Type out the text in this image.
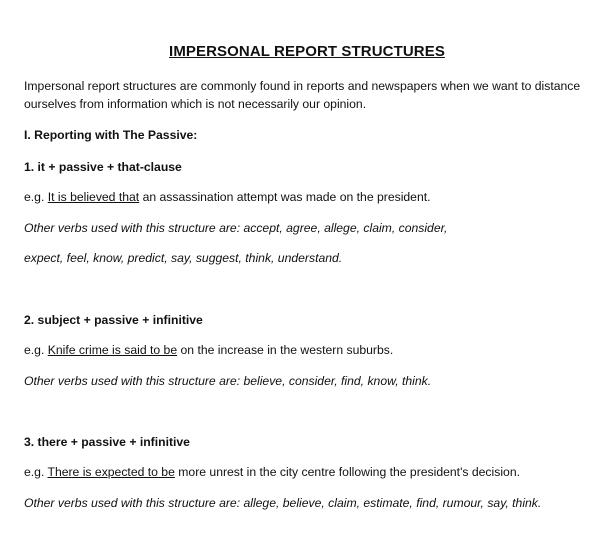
IMPERSONAL REPORT STRUCTURES
Impersonal report structures are commonly found in reports and newspapers when we want to distance
ourselves from information which is not necessarily our opinion.
I. Reporting with The Passive:
1. it + passive + that-clause
e.g. It is believed that an assassination attempt was made on the president.
Other verbs used with this structure are: accept, agree, allege, claim, consider,
expect, feel, know, predict, say, suggest, think, understand.
2. subject + passive + infinitive
e.g. Knife crime is said to be on the increase in the western suburbs.
Other verbs used with this structure are: believe, consider, find, know, think.
3. there + passive + infinitive
e.g. There is expected to be more unrest in the city centre following the president's decision.
Other verbs used with this structure are: allege, believe, claim, estimate, find, rumour, say, think.
